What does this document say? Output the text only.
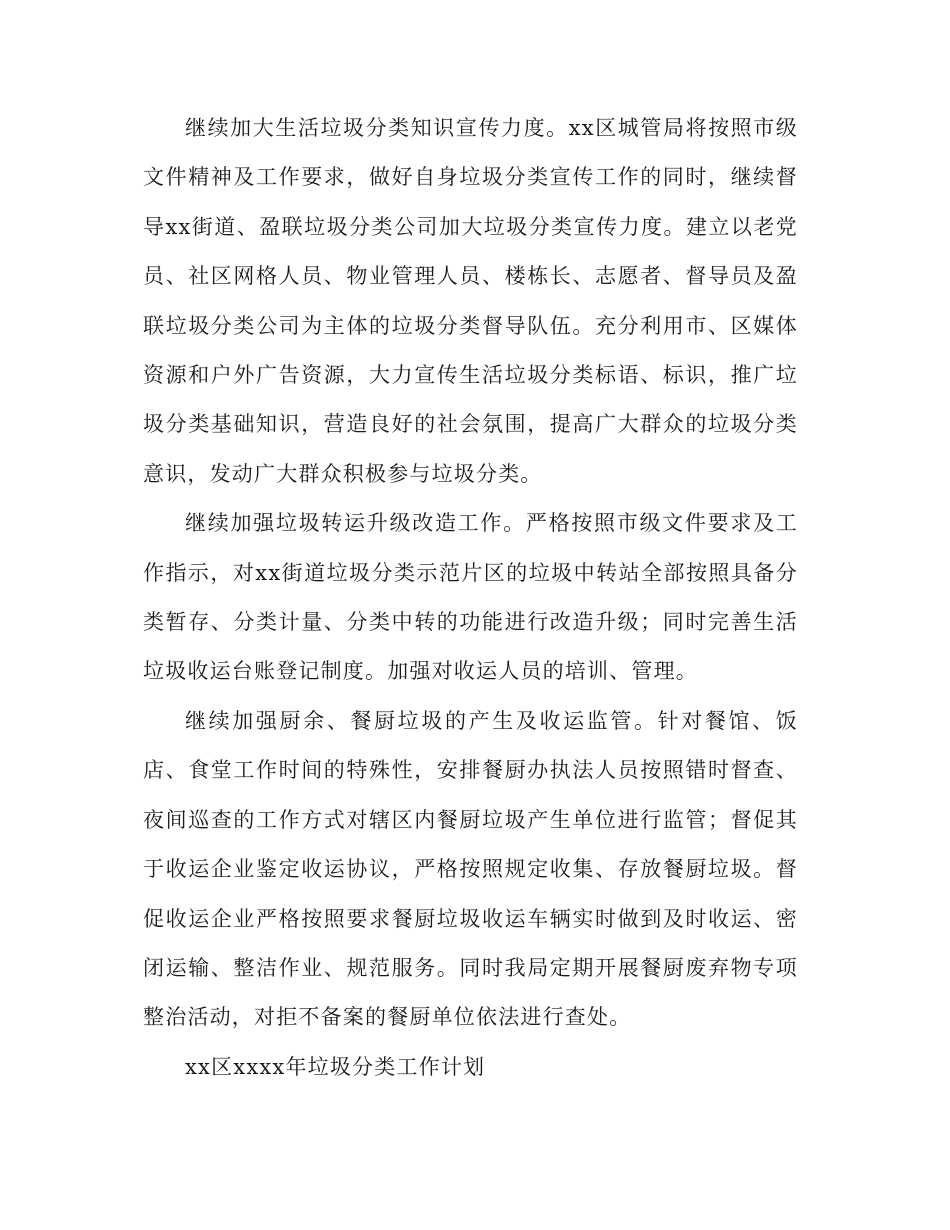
继续加大生活垃圾分类知识宣传力度。xx区城管局将按照市级文件精神及工作要求，做好自身垃圾分类宣传工作的同时，继续督导xx街道、盈联垃圾分类公司加大垃圾分类宣传力度。建立以老党员、社区网格人员、物业管理人员、楼栋长、志愿者、督导员及盈联垃圾分类公司为主体的垃圾分类督导队伍。充分利用市、区媒体资源和户外广告资源，大力宣传生活垃圾分类标语、标识，推广垃圾分类基础知识，营造良好的社会氛围，提高广大群众的垃圾分类意识，发动广大群众积极参与垃圾分类。

继续加强垃圾转运升级改造工作。严格按照市级文件要求及工作指示，对xx街道垃圾分类示范片区的垃圾中转站全部按照具备分类暂存、分类计量、分类中转的功能进行改造升级；同时完善生活垃圾收运台账登记制度。加强对收运人员的培训、管理。

继续加强厨余、餐厨垃圾的产生及收运监管。针对餐馆、饭店、食堂工作时间的特殊性，安排餐厨办执法人员按照错时督查、夜间巡查的工作方式对辖区内餐厨垃圾产生单位进行监管；督促其于收运企业鉴定收运协议，严格按照规定收集、存放餐厨垃圾。督促收运企业严格按照要求餐厨垃圾收运车辆实时做到及时收运、密闭运输、整洁作业、规范服务。同时我局定期开展餐厨废弃物专项整治活动，对拒不备案的餐厨单位依法进行查处。

xx区xxxx年垃圾分类工作计划
